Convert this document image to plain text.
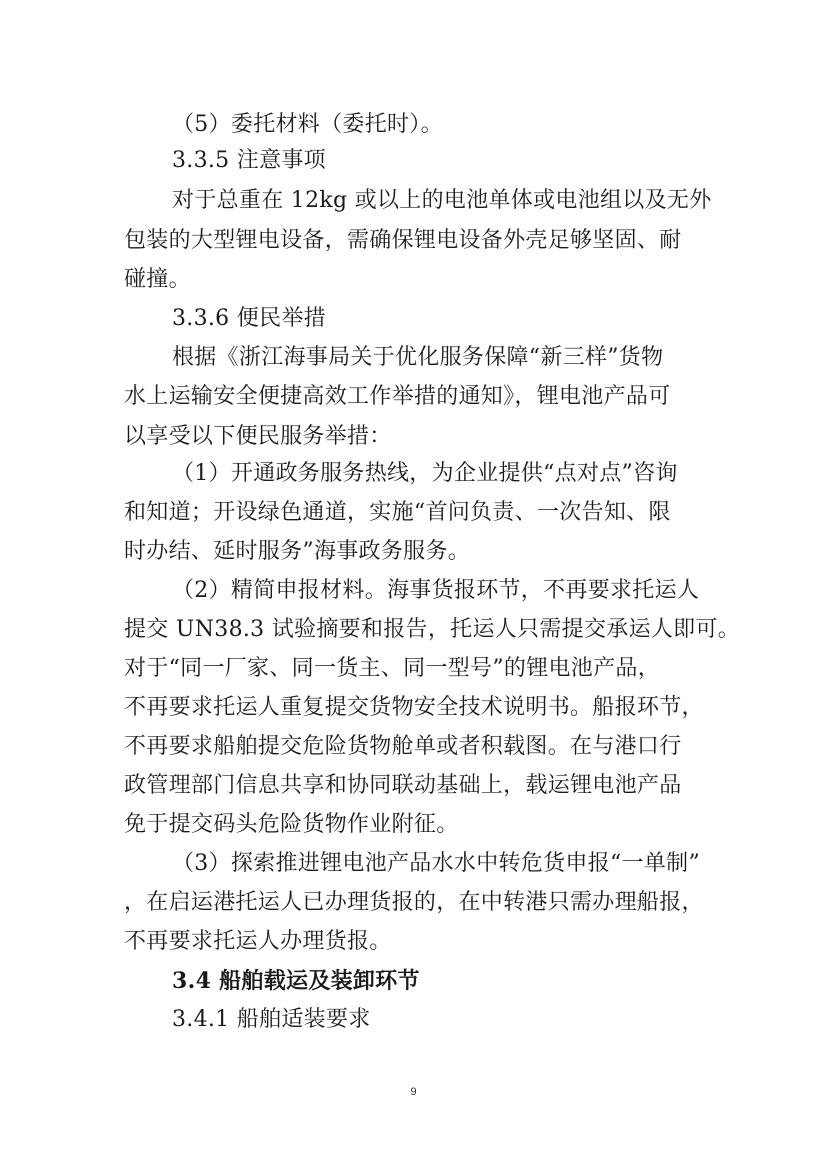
（5）委托材料（委托时）。

3.3.5 注意事项

对于总重在 12kg 或以上的电池单体或电池组以及无外

包装的大型锂电设备，需确保锂电设备外壳足够坚固、耐

碰撞。

3.3.6 便民举措

根据《浙江海事局关于优化服务保障“新三样”货物

水上运输安全便捷高效工作举措的通知》，锂电池产品可

以享受以下便民服务举措：

（1）开通政务服务热线，为企业提供“点对点”咨询

和知道；开设绿色通道，实施“首问负责、一次告知、限

时办结、延时服务”海事政务服务。

（2）精简申报材料。海事货报环节，不再要求托运人

提交 UN38.3 试验摘要和报告，托运人只需提交承运人即可。

对于“同一厂家、同一货主、同一型号”的锂电池产品，

不再要求托运人重复提交货物安全技术说明书。船报环节，

不再要求船舶提交危险货物舱单或者积载图。在与港口行

政管理部门信息共享和协同联动基础上，载运锂电池产品

免于提交码头危险货物作业附征。

（3）探索推进锂电池产品水水中转危货申报“一单制”

，在启运港托运人已办理货报的，在中转港只需办理船报，

不再要求托运人办理货报。

3.4 船舶载运及装卸环节

3.4.1 船舶适装要求

9
